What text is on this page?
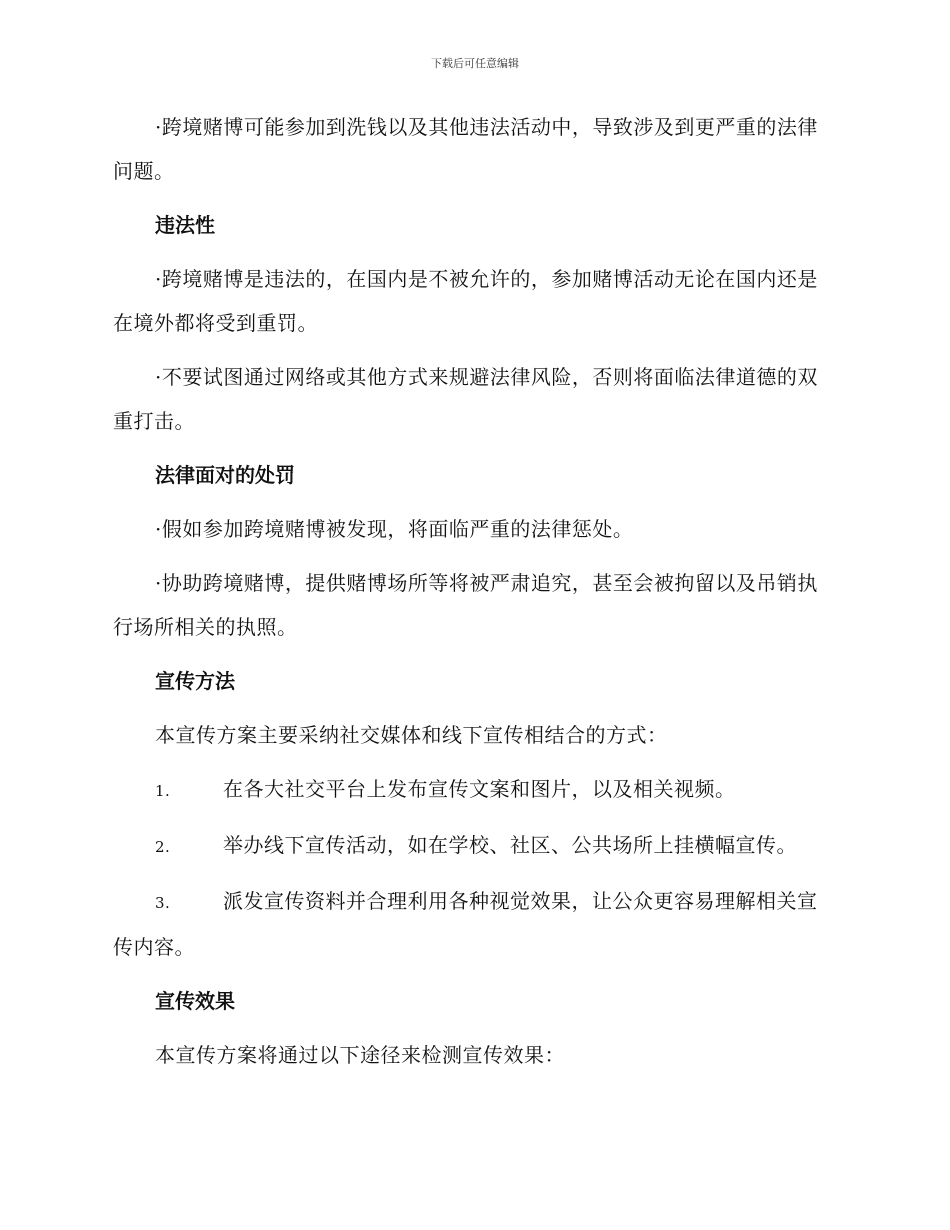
下载后可任意编辑

·跨境赌博可能参加到洗钱以及其他违法活动中，导致涉及到更严重的法律问题。

违法性

·跨境赌博是违法的，在国内是不被允许的，参加赌博活动无论在国内还是在境外都将受到重罚。

·不要试图通过网络或其他方式来规避法律风险，否则将面临法律道德的双重打击。

法律面对的处罚

·假如参加跨境赌博被发现，将面临严重的法律惩处。

·协助跨境赌博，提供赌博场所等将被严肃追究，甚至会被拘留以及吊销执行场所相关的执照。

宣传方法

本宣传方案主要采纳社交媒体和线下宣传相结合的方式：

1.	在各大社交平台上发布宣传文案和图片，以及相关视频。
2.	举办线下宣传活动，如在学校、社区、公共场所上挂横幅宣传。
3.	派发宣传资料并合理利用各种视觉效果，让公众更容易理解相关宣传内容。
宣传效果

本宣传方案将通过以下途径来检测宣传效果：
